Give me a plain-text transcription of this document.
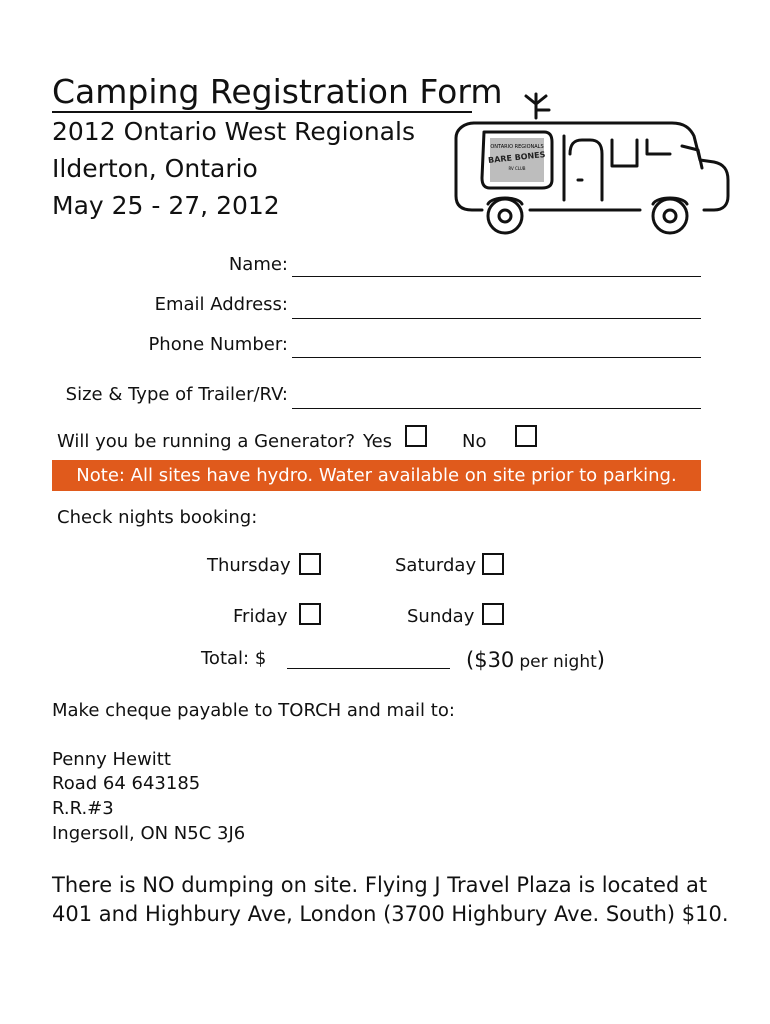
Camping Registration Form
2012 Ontario West Regionals
Ilderton, Ontario
May 25 - 27, 2012
ONTARIO REGIONALS
BARE BONES
RV CLUB
Name:
Email Address:
Phone Number:
Size & Type of Trailer/RV:
Will you be running a Generator? Yes	No
Note: All sites have hydro. Water available on site prior to parking.
Check nights booking:
Thursday	Saturday
Friday	Sunday
Total: $	($30 per night)
Make cheque payable to TORCH and mail to:
Penny Hewitt
Road 64 643185
R.R.#3
Ingersoll, ON N5C 3J6
There is NO dumping on site. Flying J Travel Plaza is located at
401 and Highbury Ave, London (3700 Highbury Ave. South) $10.
